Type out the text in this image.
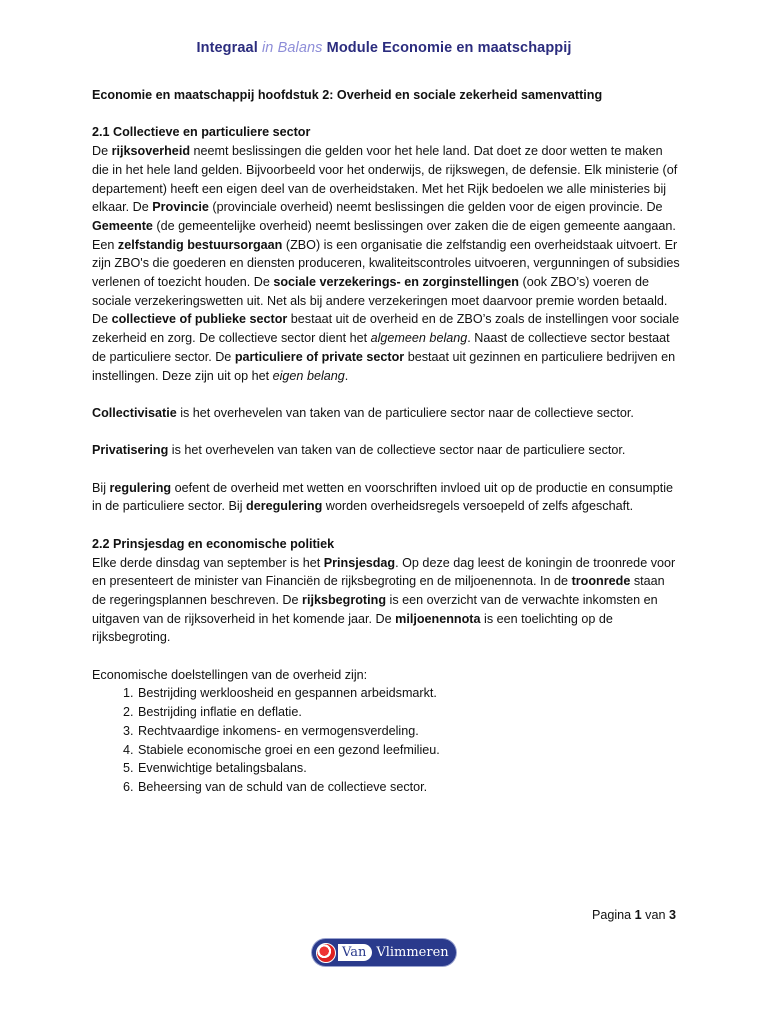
Integraal in Balans Module Economie en maatschappij

Economie en maatschappij hoofdstuk 2: Overheid en sociale zekerheid samenvatting

2.1 Collectieve en particuliere sector

De rijksoverheid neemt beslissingen die gelden voor het hele land. Dat doet ze door wetten te maken die in het hele land gelden. Bijvoorbeeld voor het onderwijs, de rijkswegen, de defensie. Elk ministerie (of departement) heeft een eigen deel van de overheidstaken. Met het Rijk bedoelen we alle ministeries bij elkaar. De Provincie (provinciale overheid) neemt beslissingen die gelden voor de eigen provincie. De Gemeente (de gemeentelijke overheid) neemt beslissingen over zaken die de eigen gemeente aangaan. Een zelfstandig bestuursorgaan (ZBO) is een organisatie die zelfstandig een overheidstaak uitvoert. Er zijn ZBO's die goederen en diensten produceren, kwaliteitscontroles uitvoeren, vergunningen of subsidies verlenen of toezicht houden. De sociale verzekerings- en zorginstellingen (ook ZBO’s) voeren de sociale verzekeringswetten uit. Net als bij andere verzekeringen moet daarvoor premie worden betaald. De collectieve of publieke sector bestaat uit de overheid en de ZBO’s zoals de instellingen voor sociale zekerheid en zorg. De collectieve sector dient het algemeen belang. Naast de collectieve sector bestaat de particuliere sector. De particuliere of private sector bestaat uit gezinnen en particuliere bedrijven en instellingen. Deze zijn uit op het eigen belang.

Collectivisatie is het overhevelen van taken van de particuliere sector naar de collectieve sector.

Privatisering is het overhevelen van taken van de collectieve sector naar de particuliere sector.

Bij regulering oefent de overheid met wetten en voorschriften invloed uit op de productie en consumptie in de particuliere sector. Bij deregulering worden overheidsregels versoepeld of zelfs afgeschaft.

2.2 Prinsjesdag en economische politiek

Elke derde dinsdag van september is het Prinsjesdag. Op deze dag leest de koningin de troonrede voor en presenteert de minister van Financiën de rijksbegroting en de miljoenennota. In de troonrede staan de regeringsplannen beschreven. De rijksbegroting is een overzicht van de verwachte inkomsten en uitgaven van de rijksoverheid in het komende jaar. De miljoenennota is een toelichting op de rijksbegroting.

Economische doelstellingen van de overheid zijn:

1. Bestrijding werkloosheid en gespannen arbeidsmarkt.
2. Bestrijding inflatie en deflatie.
3. Rechtvaardige inkomens- en vermogensverdeling.
4. Stabiele economische groei en een gezond leefmilieu.
5. Evenwichtige betalingsbalans.
6. Beheersing van de schuld van de collectieve sector.
Pagina 1 van 3
Van Vlimmeren
